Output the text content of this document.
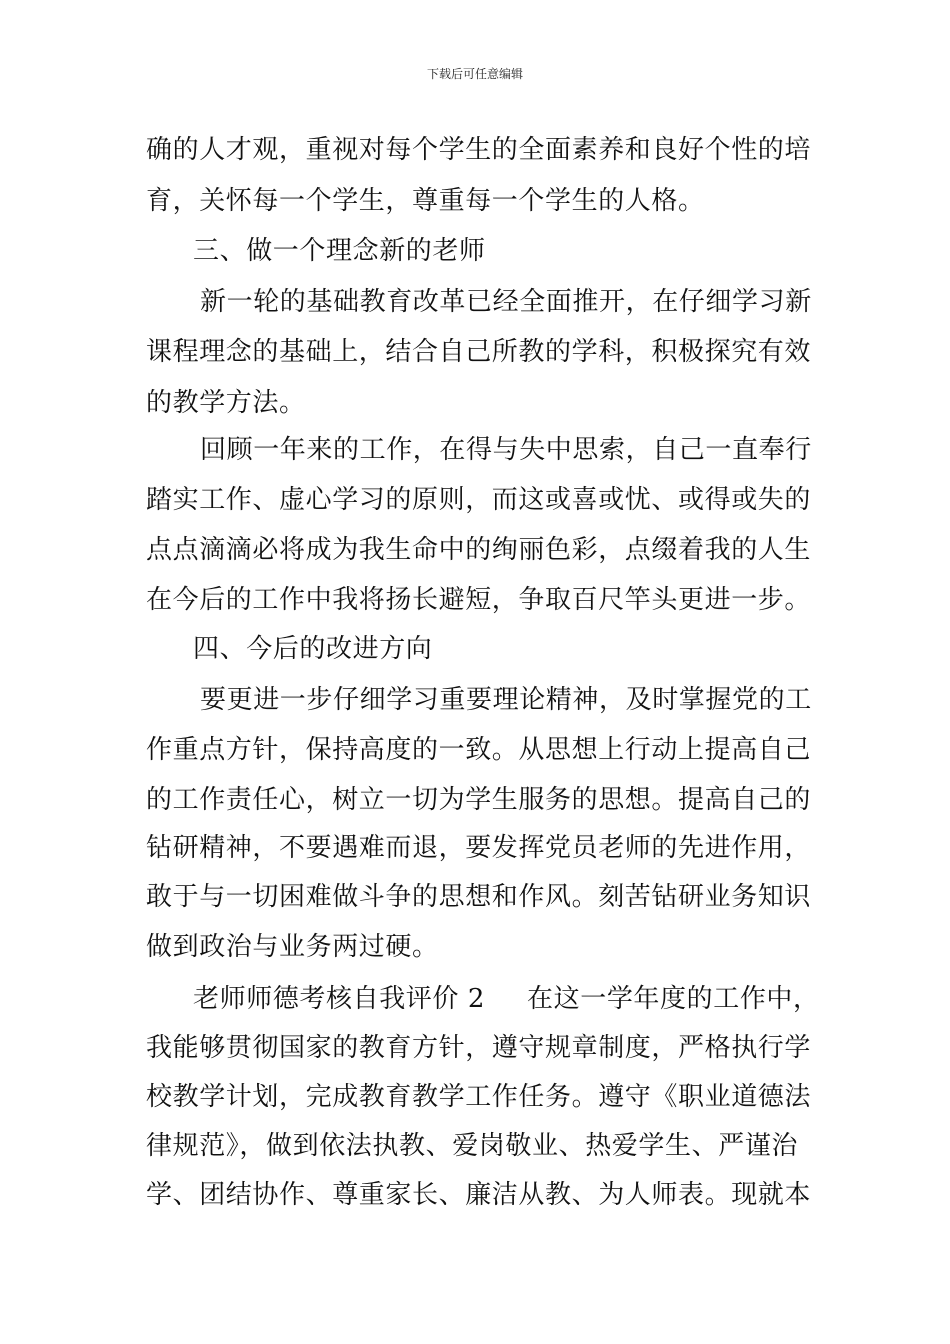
下载后可任意编辑
确的人才观，重视对每个学生的全面素养和良好个性的培
育，关怀每一个学生，尊重每一个学生的人格。
三、做一个理念新的老师
新一轮的基础教育改革已经全面推开，在仔细学习新
课程理念的基础上，结合自己所教的学科，积极探究有效
的教学方法。
回顾一年来的工作，在得与失中思索，自己一直奉行
踏实工作、虚心学习的原则，而这或喜或忧、或得或失的
点点滴滴必将成为我生命中的绚丽色彩，点缀着我的人生
在今后的工作中我将扬长避短，争取百尺竿头更进一步。
四、今后的改进方向
要更进一步仔细学习重要理论精神，及时掌握党的工
作重点方针，保持高度的一致。从思想上行动上提高自己
的工作责任心，树立一切为学生服务的思想。提高自己的
钻研精神，不要遇难而退，要发挥党员老师的先进作用，
敢于与一切困难做斗争的思想和作风。刻苦钻研业务知识
做到政治与业务两过硬。
老师师德考核自我评价 2 在这一学年度的工作中，
我能够贯彻国家的教育方针，遵守规章制度，严格执行学
校教学计划，完成教育教学工作任务。遵守《职业道德法
律规范》，做到依法执教、爱岗敬业、热爱学生、严谨治
学、团结协作、尊重家长、廉洁从教、为人师表。现就本
